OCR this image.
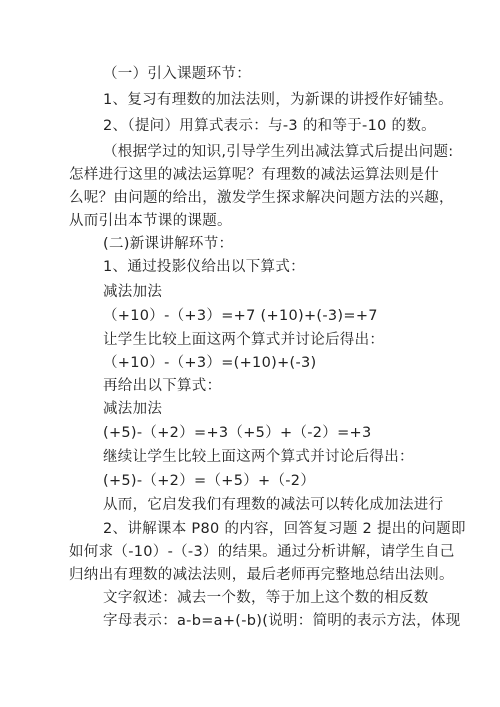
（一）引入课题环节：
1、复习有理数的加法法则，为新课的讲授作好铺垫。
2、（提问）用算式表示：与-3 的和等于-10 的数。
（根据学过的知识,引导学生列出减法算式后提出问题:
怎样进行这里的减法运算呢？有理数的减法运算法则是什
么呢？由问题的给出，激发学生探求解决问题方法的兴趣，
从而引出本节课的课题。
(二)新课讲解环节：
1、通过投影仪给出以下算式：
减法加法
（+10）-（+3）=+7 (+10)+(-3)=+7
让学生比较上面这两个算式并讨论后得出：
（+10）-（+3）=(+10)+(-3)
再给出以下算式：
减法加法
(+5)-（+2）=+3（+5）+（-2）=+3
继续让学生比较上面这两个算式并讨论后得出：
(+5)-（+2）=（+5）+（-2）
从而，它启发我们有理数的减法可以转化成加法进行
2、讲解课本 P80 的内容，回答复习题 2 提出的问题即
如何求（-10）-（-3）的结果。通过分析讲解，请学生自己
归纳出有理数的减法法则，最后老师再完整地总结出法则。
文字叙述：减去一个数，等于加上这个数的相反数
字母表示：a-b=a+(-b)(说明：简明的表示方法，体现
